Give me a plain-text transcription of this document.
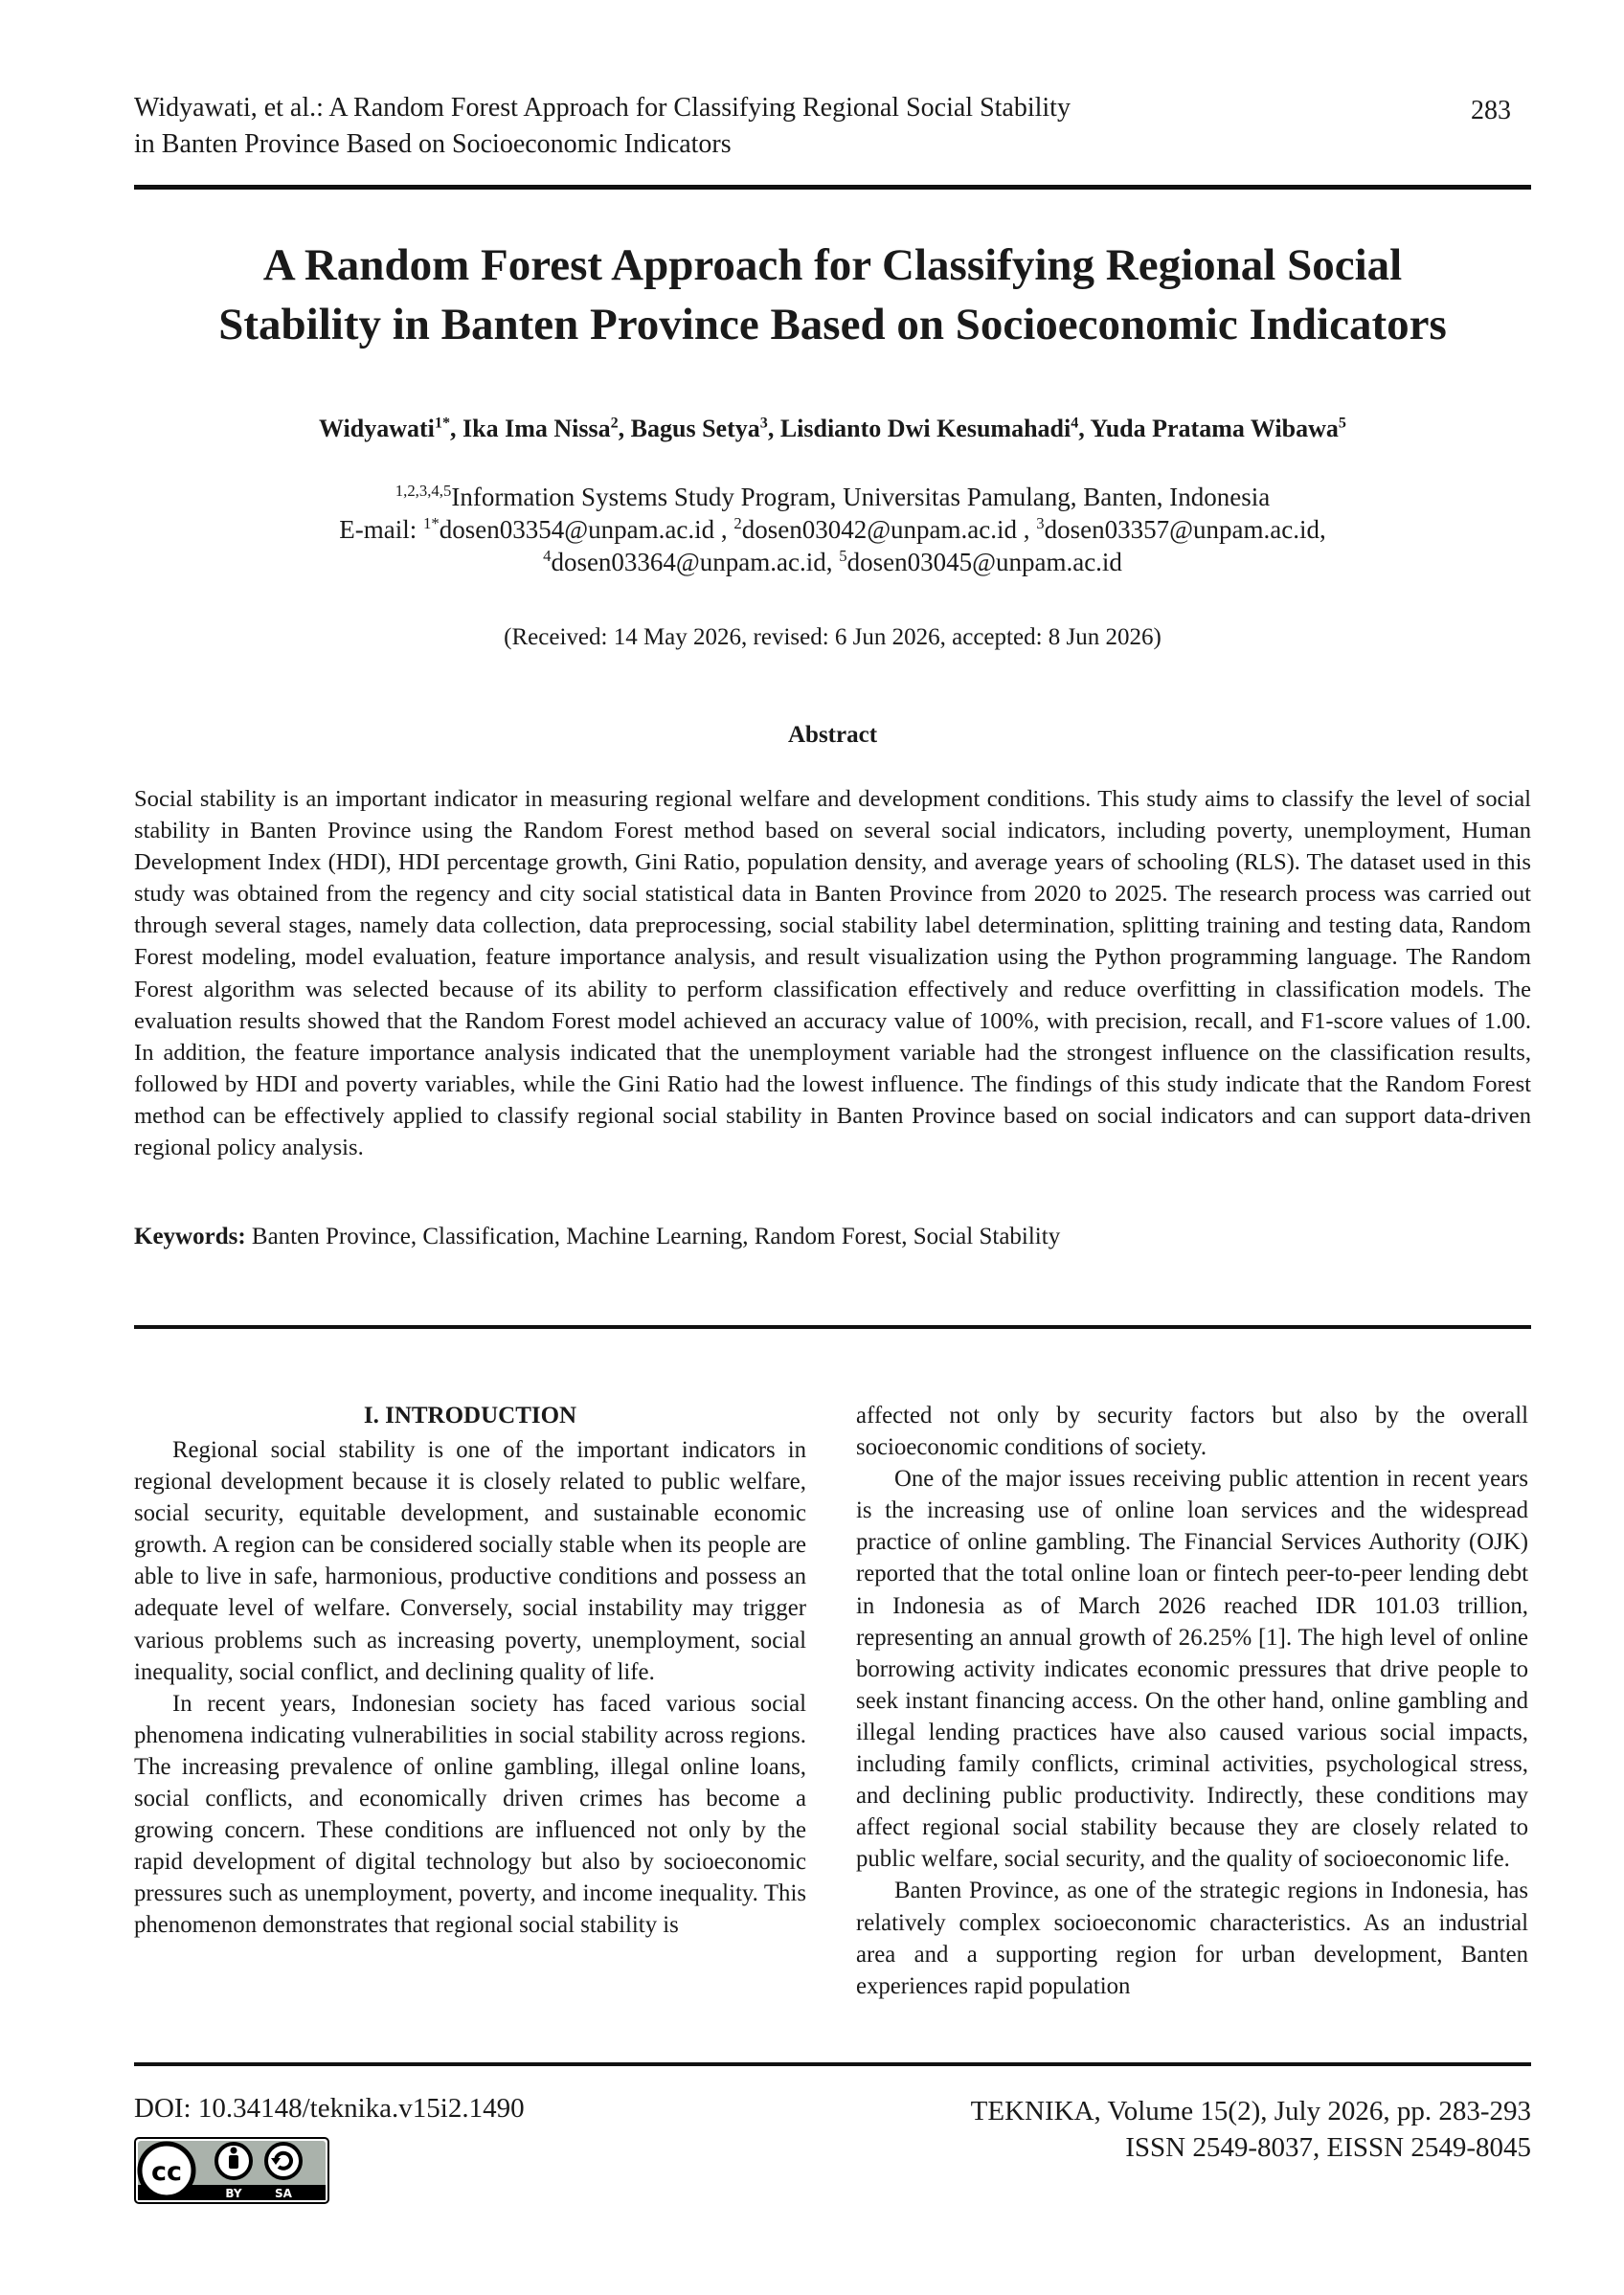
Widyawati, et al.: A Random Forest Approach for Classifying Regional Social Stability
in Banten Province Based on Socioeconomic Indicators
283
A Random Forest Approach for Classifying Regional Social
Stability in Banten Province Based on Socioeconomic Indicators
Widyawati$^{1*}$, Ika Ima Nissa$^2$, Bagus Setya$^3$, Lisdianto Dwi Kesumahadi$^4$, Yuda Pratama Wibawa$^5$
$^{1,2,3,4,5}$Information Systems Study Program, Universitas Pamulang, Banten, Indonesia
E-mail: $^{1*}$dosen03354@unpam.ac.id , $^2$dosen03042@unpam.ac.id , $^3$dosen03357@unpam.ac.id,
$^4$dosen03364@unpam.ac.id, $^5$dosen03045@unpam.ac.id
(Received: 14 May 2026, revised: 6 Jun 2026, accepted: 8 Jun 2026)
Abstract

Social stability is an important indicator in measuring regional welfare and development conditions. This study aims to classify the level of social stability in Banten Province using the Random Forest method based on several social indicators, including poverty, unemployment, Human Development Index (HDI), HDI percentage growth, Gini Ratio, population density, and average years of schooling (RLS). The dataset used in this study was obtained from the regency and city social statistical data in Banten Province from 2020 to 2025. The research process was carried out through several stages, namely data collection, data preprocessing, social stability label determination, splitting training and testing data, Random Forest modeling, model evaluation, feature importance analysis, and result visualization using the Python programming language. The Random Forest algorithm was selected because of its ability to perform classification effectively and reduce overfitting in classification models. The evaluation results showed that the Random Forest model achieved an accuracy value of 100%, with precision, recall, and F1-score values of 1.00. In addition, the feature importance analysis indicated that the unemployment variable had the strongest influence on the classification results, followed by HDI and poverty variables, while the Gini Ratio had the lowest influence. The findings of this study indicate that the Random Forest method can be effectively applied to classify regional social stability in Banten Province based on social indicators and can support data-driven regional policy analysis.

Keywords: Banten Province, Classification, Machine Learning, Random Forest, Social Stability
I. INTRODUCTION

Regional social stability is one of the important indicators in regional development because it is closely related to public welfare, social security, equitable development, and sustainable economic growth. A region can be considered socially stable when its people are able to live in safe, harmonious, productive conditions and possess an adequate level of welfare. Conversely, social instability may trigger various problems such as increasing poverty, unemployment, social inequality, social conflict, and declining quality of life.

In recent years, Indonesian society has faced various social phenomena indicating vulnerabilities in social stability across regions. The increasing prevalence of online gambling, illegal online loans, social conflicts, and economically driven crimes has become a growing concern. These conditions are influenced not only by the rapid development of digital technology but also by socioeconomic pressures such as unemployment, poverty, and income inequality. This phenomenon demonstrates that regional social stability is

affected not only by security factors but also by the overall socioeconomic conditions of society.

One of the major issues receiving public attention in recent years is the increasing use of online loan services and the widespread practice of online gambling. The Financial Services Authority (OJK) reported that the total online loan or fintech peer-to-peer lending debt in Indonesia as of March 2026 reached IDR 101.03 trillion, representing an annual growth of 26.25% [1]. The high level of online borrowing activity indicates economic pressures that drive people to seek instant financing access. On the other hand, online gambling and illegal lending practices have also caused various social impacts, including family conflicts, criminal activities, psychological stress, and declining public productivity. Indirectly, these conditions may affect regional social stability because they are closely related to public welfare, social security, and the quality of socioeconomic life.

Banten Province, as one of the strategic regions in Indonesia, has relatively complex socioeconomic characteristics. As an industrial area and a supporting region for urban development, Banten experiences rapid population

DOI: 10.34148/teknika.v15i2.1490	TEKNIKA, Volume 15(2), July 2026, pp. 283-293
ISSN 2549-8037, EISSN 2549-8045
cc
BY	SA
